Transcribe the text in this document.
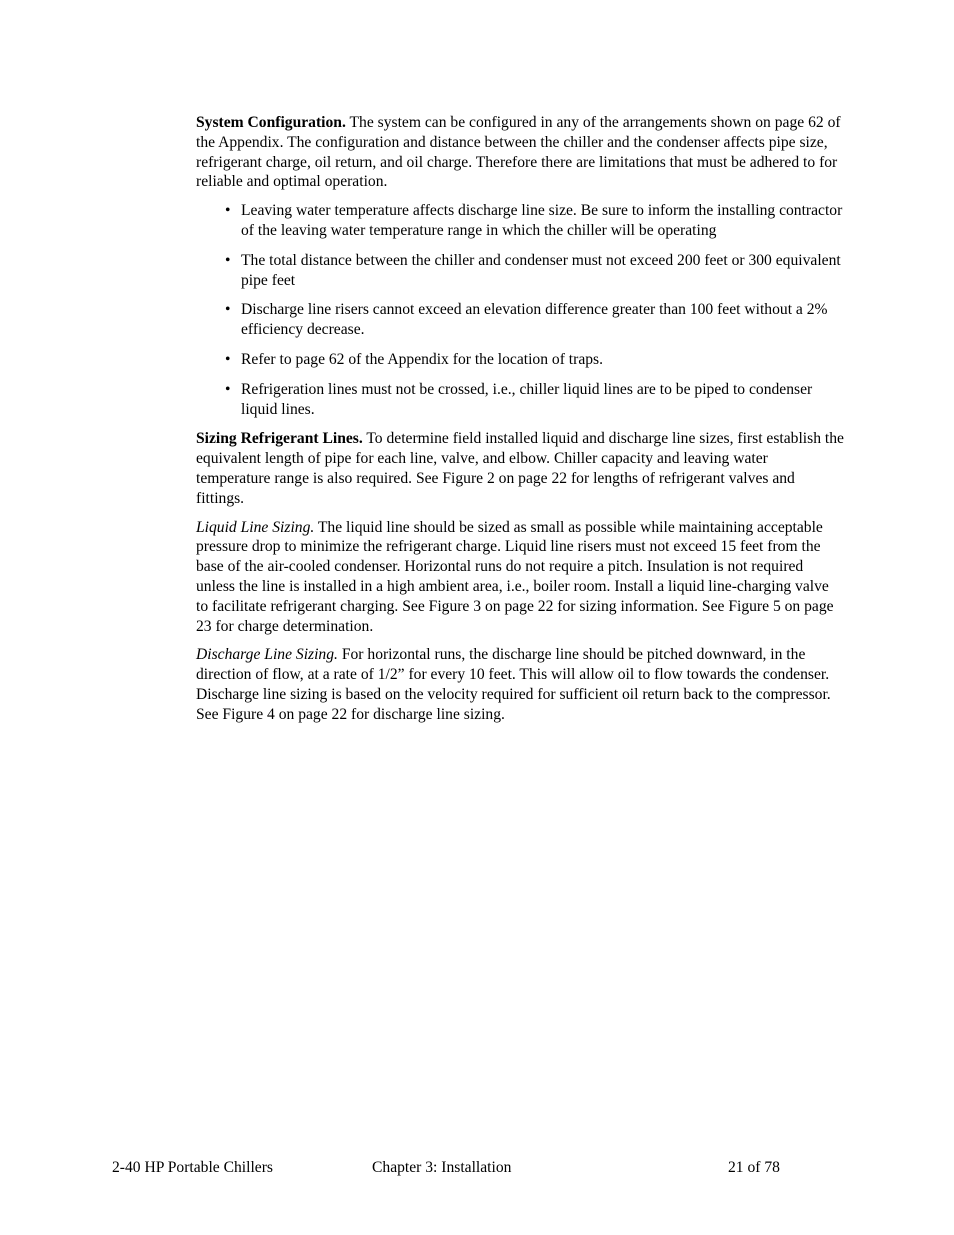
System Configuration. The system can be configured in any of the arrangements shown on page 62 of the Appendix. The configuration and distance between the chiller and the condenser affects pipe size, refrigerant charge, oil return, and oil charge. Therefore there are limitations that must be adhered to for reliable and optimal operation.

• Leaving water temperature affects discharge line size. Be sure to inform the installing contractor of the leaving water temperature range in which the chiller will be operating
• The total distance between the chiller and condenser must not exceed 200 feet or 300 equivalent pipe feet
• Discharge line risers cannot exceed an elevation difference greater than 100 feet without a 2% efficiency decrease.
• Refer to page 62 of the Appendix for the location of traps.
• Refrigeration lines must not be crossed, i.e., chiller liquid lines are to be piped to condenser liquid lines.

Sizing Refrigerant Lines. To determine field installed liquid and discharge line sizes, first establish the equivalent length of pipe for each line, valve, and elbow. Chiller capacity and leaving water temperature range is also required. See Figure 2 on page 22 for lengths of refrigerant valves and fittings.

Liquid Line Sizing. The liquid line should be sized as small as possible while maintaining acceptable pressure drop to minimize the refrigerant charge. Liquid line risers must not exceed 15 feet from the base of the air-cooled condenser. Horizontal runs do not require a pitch. Insulation is not required unless the line is installed in a high ambient area, i.e., boiler room. Install a liquid line-charging valve to facilitate refrigerant charging. See Figure 3 on page 22 for sizing information. See Figure 5 on page 23 for charge determination.

Discharge Line Sizing. For horizontal runs, the discharge line should be pitched downward, in the direction of flow, at a rate of 1/2” for every 10 feet. This will allow oil to flow towards the condenser. Discharge line sizing is based on the velocity required for sufficient oil return back to the compressor. See Figure 4 on page 22 for discharge line sizing.

2-40 HP Portable Chillers	Chapter 3: Installation	21 of 78
